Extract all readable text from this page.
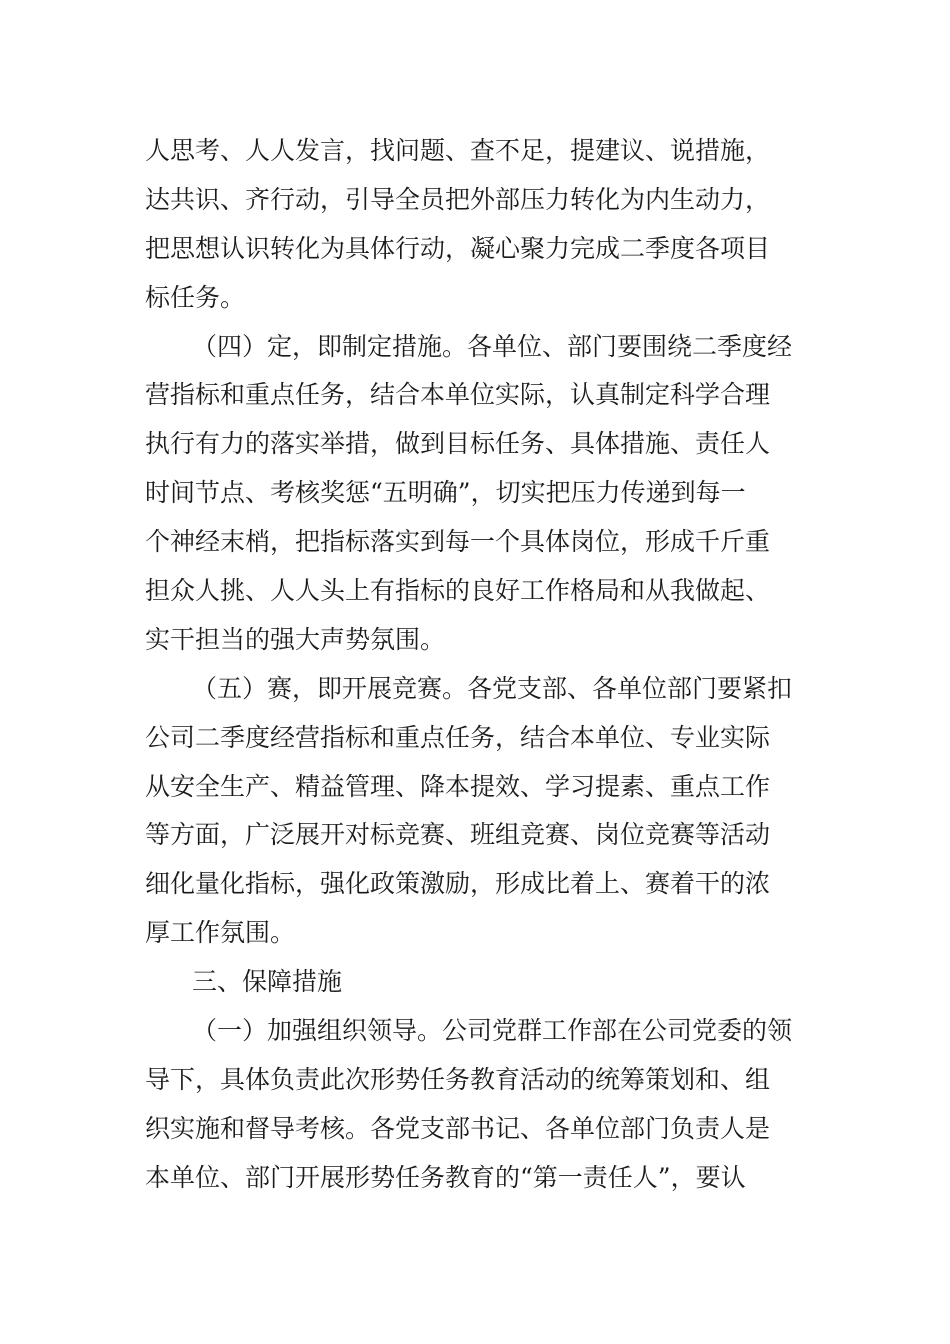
人思考、人人发言，找问题、查不足，提建议、说措施，
达共识、齐行动，引导全员把外部压力转化为内生动力，
把思想认识转化为具体行动，凝心聚力完成二季度各项目
标任务。
（四）定，即制定措施。各单位、部门要围绕二季度经
营指标和重点任务，结合本单位实际，认真制定科学合理
执行有力的落实举措，做到目标任务、具体措施、责任人
时间节点、考核奖惩“五明确”，切实把压力传递到每一
个神经末梢，把指标落实到每一个具体岗位，形成千斤重
担众人挑、人人头上有指标的良好工作格局和从我做起、
实干担当的强大声势氛围。
（五）赛，即开展竞赛。各党支部、各单位部门要紧扣
公司二季度经营指标和重点任务，结合本单位、专业实际
从安全生产、精益管理、降本提效、学习提素、重点工作
等方面，广泛展开对标竞赛、班组竞赛、岗位竞赛等活动
细化量化指标，强化政策激励，形成比着上、赛着干的浓
厚工作氛围。
三、保障措施
（一）加强组织领导。公司党群工作部在公司党委的领
导下，具体负责此次形势任务教育活动的统筹策划和、组
织实施和督导考核。各党支部书记、各单位部门负责人是
本单位、部门开展形势任务教育的“第一责任人”，要认
